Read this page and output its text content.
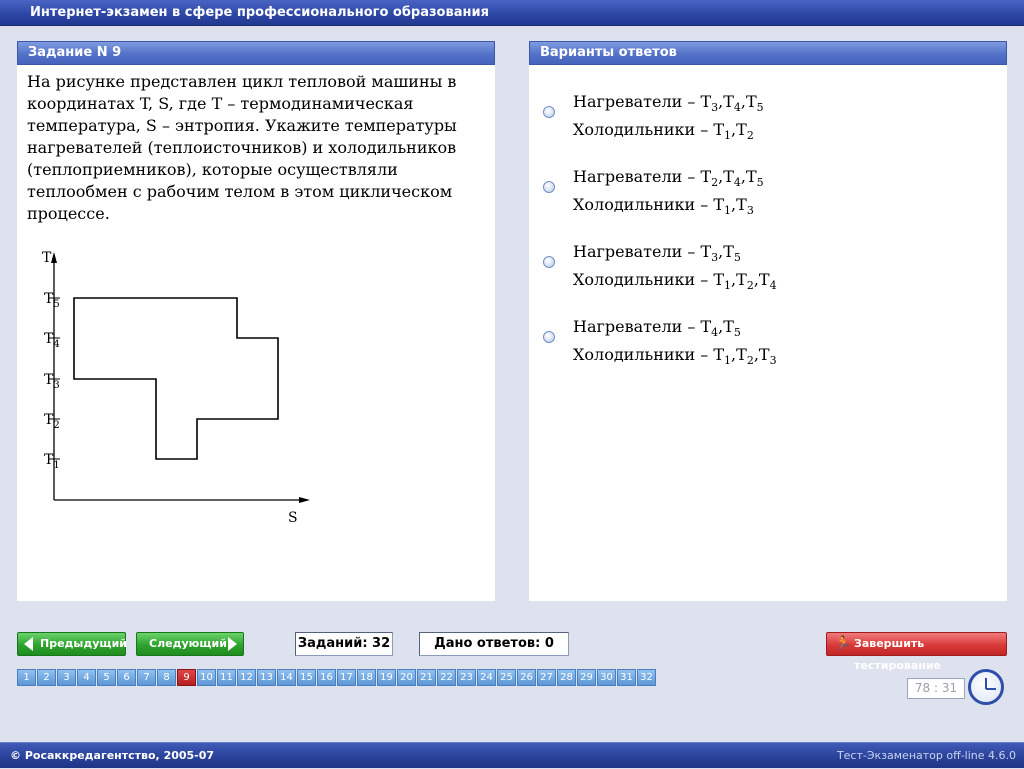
Интернет-экзамен в сфере профессионального образования
Задание N 9
На рисунке представлен цикл тепловой машины в координатах T, S, где T – термодинамическая температура, S – энтропия. Укажите температуры нагревателей (теплоисточников) и холодильников (теплоприемников), которые осуществляли теплообмен с рабочим телом в этом циклическом процессе.
T
S
$T_1$
$T_2$
$T_3$
$T_4$
$T_5$
Варианты ответов
Нагреватели – $T_3,T_4,T_5$
Холодильники – $T_1,T_2$
Нагреватели – $T_2,T_4,T_5$
Холодильники – $T_1,T_3$
Нагреватели – $T_3,T_5$
Холодильники – $T_1,T_2,T_4$
Нагреватели – $T_4,T_5$
Холодильники – $T_1,T_2,T_3$
Предыдущий Следующий	Заданий: 32	Дано ответов: 0	🏃 Завершить тестирование
1	2	3	4	5	6	7	8	9	10 11 12 13 14 15 16 17 18 19 20 21 22 23 24 25 26 27 28 29 30 31 32
78 : 31
© Росаккредагентство, 2005-07	Тест-Экзаменатор off-line 4.6.0
